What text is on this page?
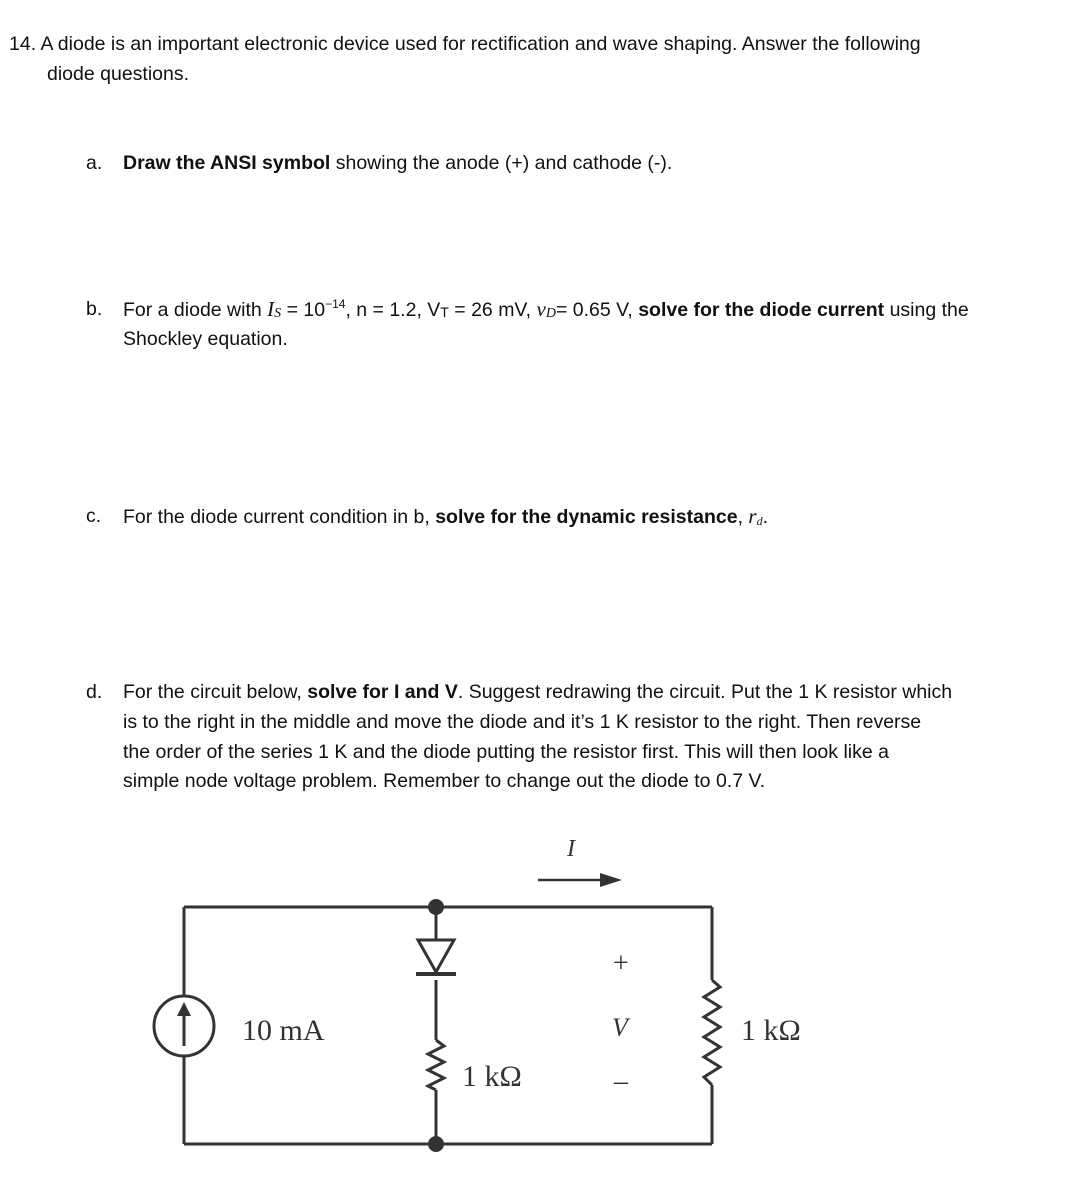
14. A diode is an important electronic device used for rectification and wave shaping. Answer the following
diode questions.
a. Draw the ANSI symbol showing the anode (+) and cathode (-).
b. For a diode with IS = $10^{-14}$, n = 1.2, VT = 26 mV, vD= 0.65 V, solve for the diode current using the
Shockley equation.
c. For the diode current condition in b, solve for the dynamic resistance, rd.
d. For the circuit below, solve for I and V. Suggest redrawing the circuit. Put the 1 K resistor which
is to the right in the middle and move the diode and it’s 1 K resistor to the right. Then reverse
the order of the series 1 K and the diode putting the resistor first. This will then look like a
simple node voltage problem. Remember to change out the diode to 0.7 V.
I
10 mA
1 kΩ
1 kΩ
+
V
–
